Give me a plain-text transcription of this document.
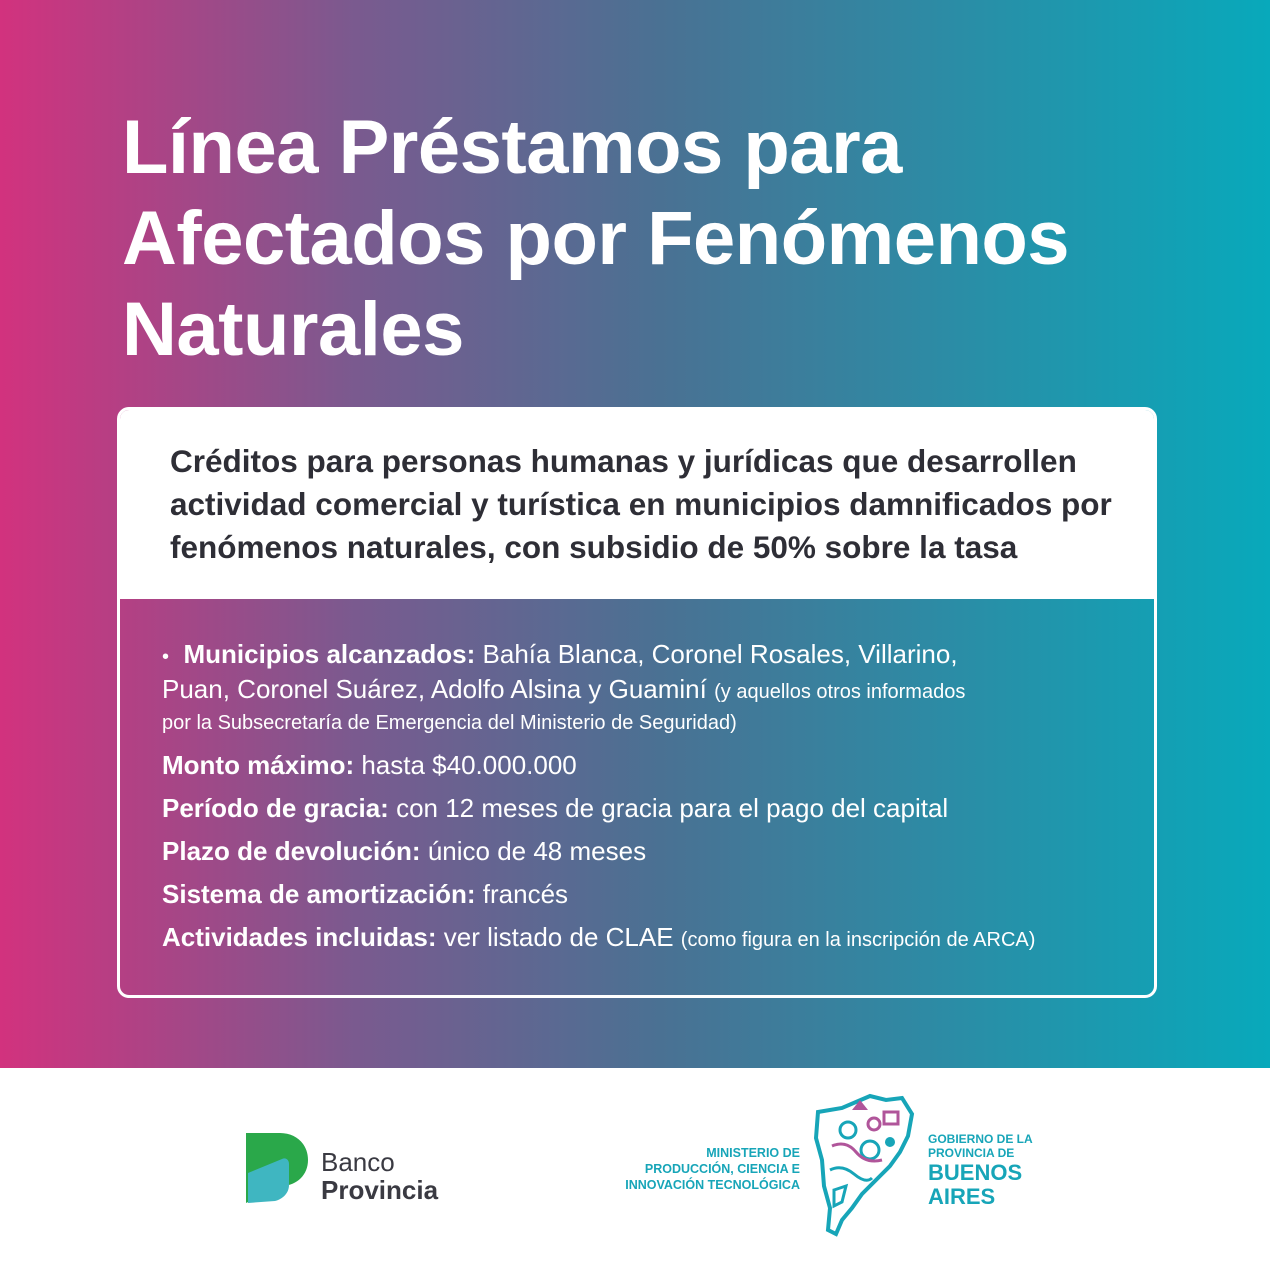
Línea Préstamos para
Afectados por Fenómenos
Naturales

Créditos para personas humanas y jurídicas que desarrollen
actividad comercial y turística en municipios damnificados por
fenómenos naturales, con subsidio de 50% sobre la tasa

• Municipios alcanzados: Bahía Blanca, Coronel Rosales, Villarino,

Puan, Coronel Suárez, Adolfo Alsina y Guaminí (y aquellos otros informados

por la Subsecretaría de Emergencia del Ministerio de Seguridad)

Monto máximo: hasta $40.000.000

Período de gracia: con 12 meses de gracia para el pago del capital

Plazo de devolución: único de 48 meses

Sistema de amortización: francés

Actividades incluidas: ver listado de CLAE (como figura en la inscripción de ARCA)

Banco
Provincia
MINISTERIO DE
PRODUCCIÓN, CIENCIA E
INNOVACIÓN TECNOLÓGICA
GOBIERNO DE LA
PROVINCIA DE
BUENOS
AIRES
